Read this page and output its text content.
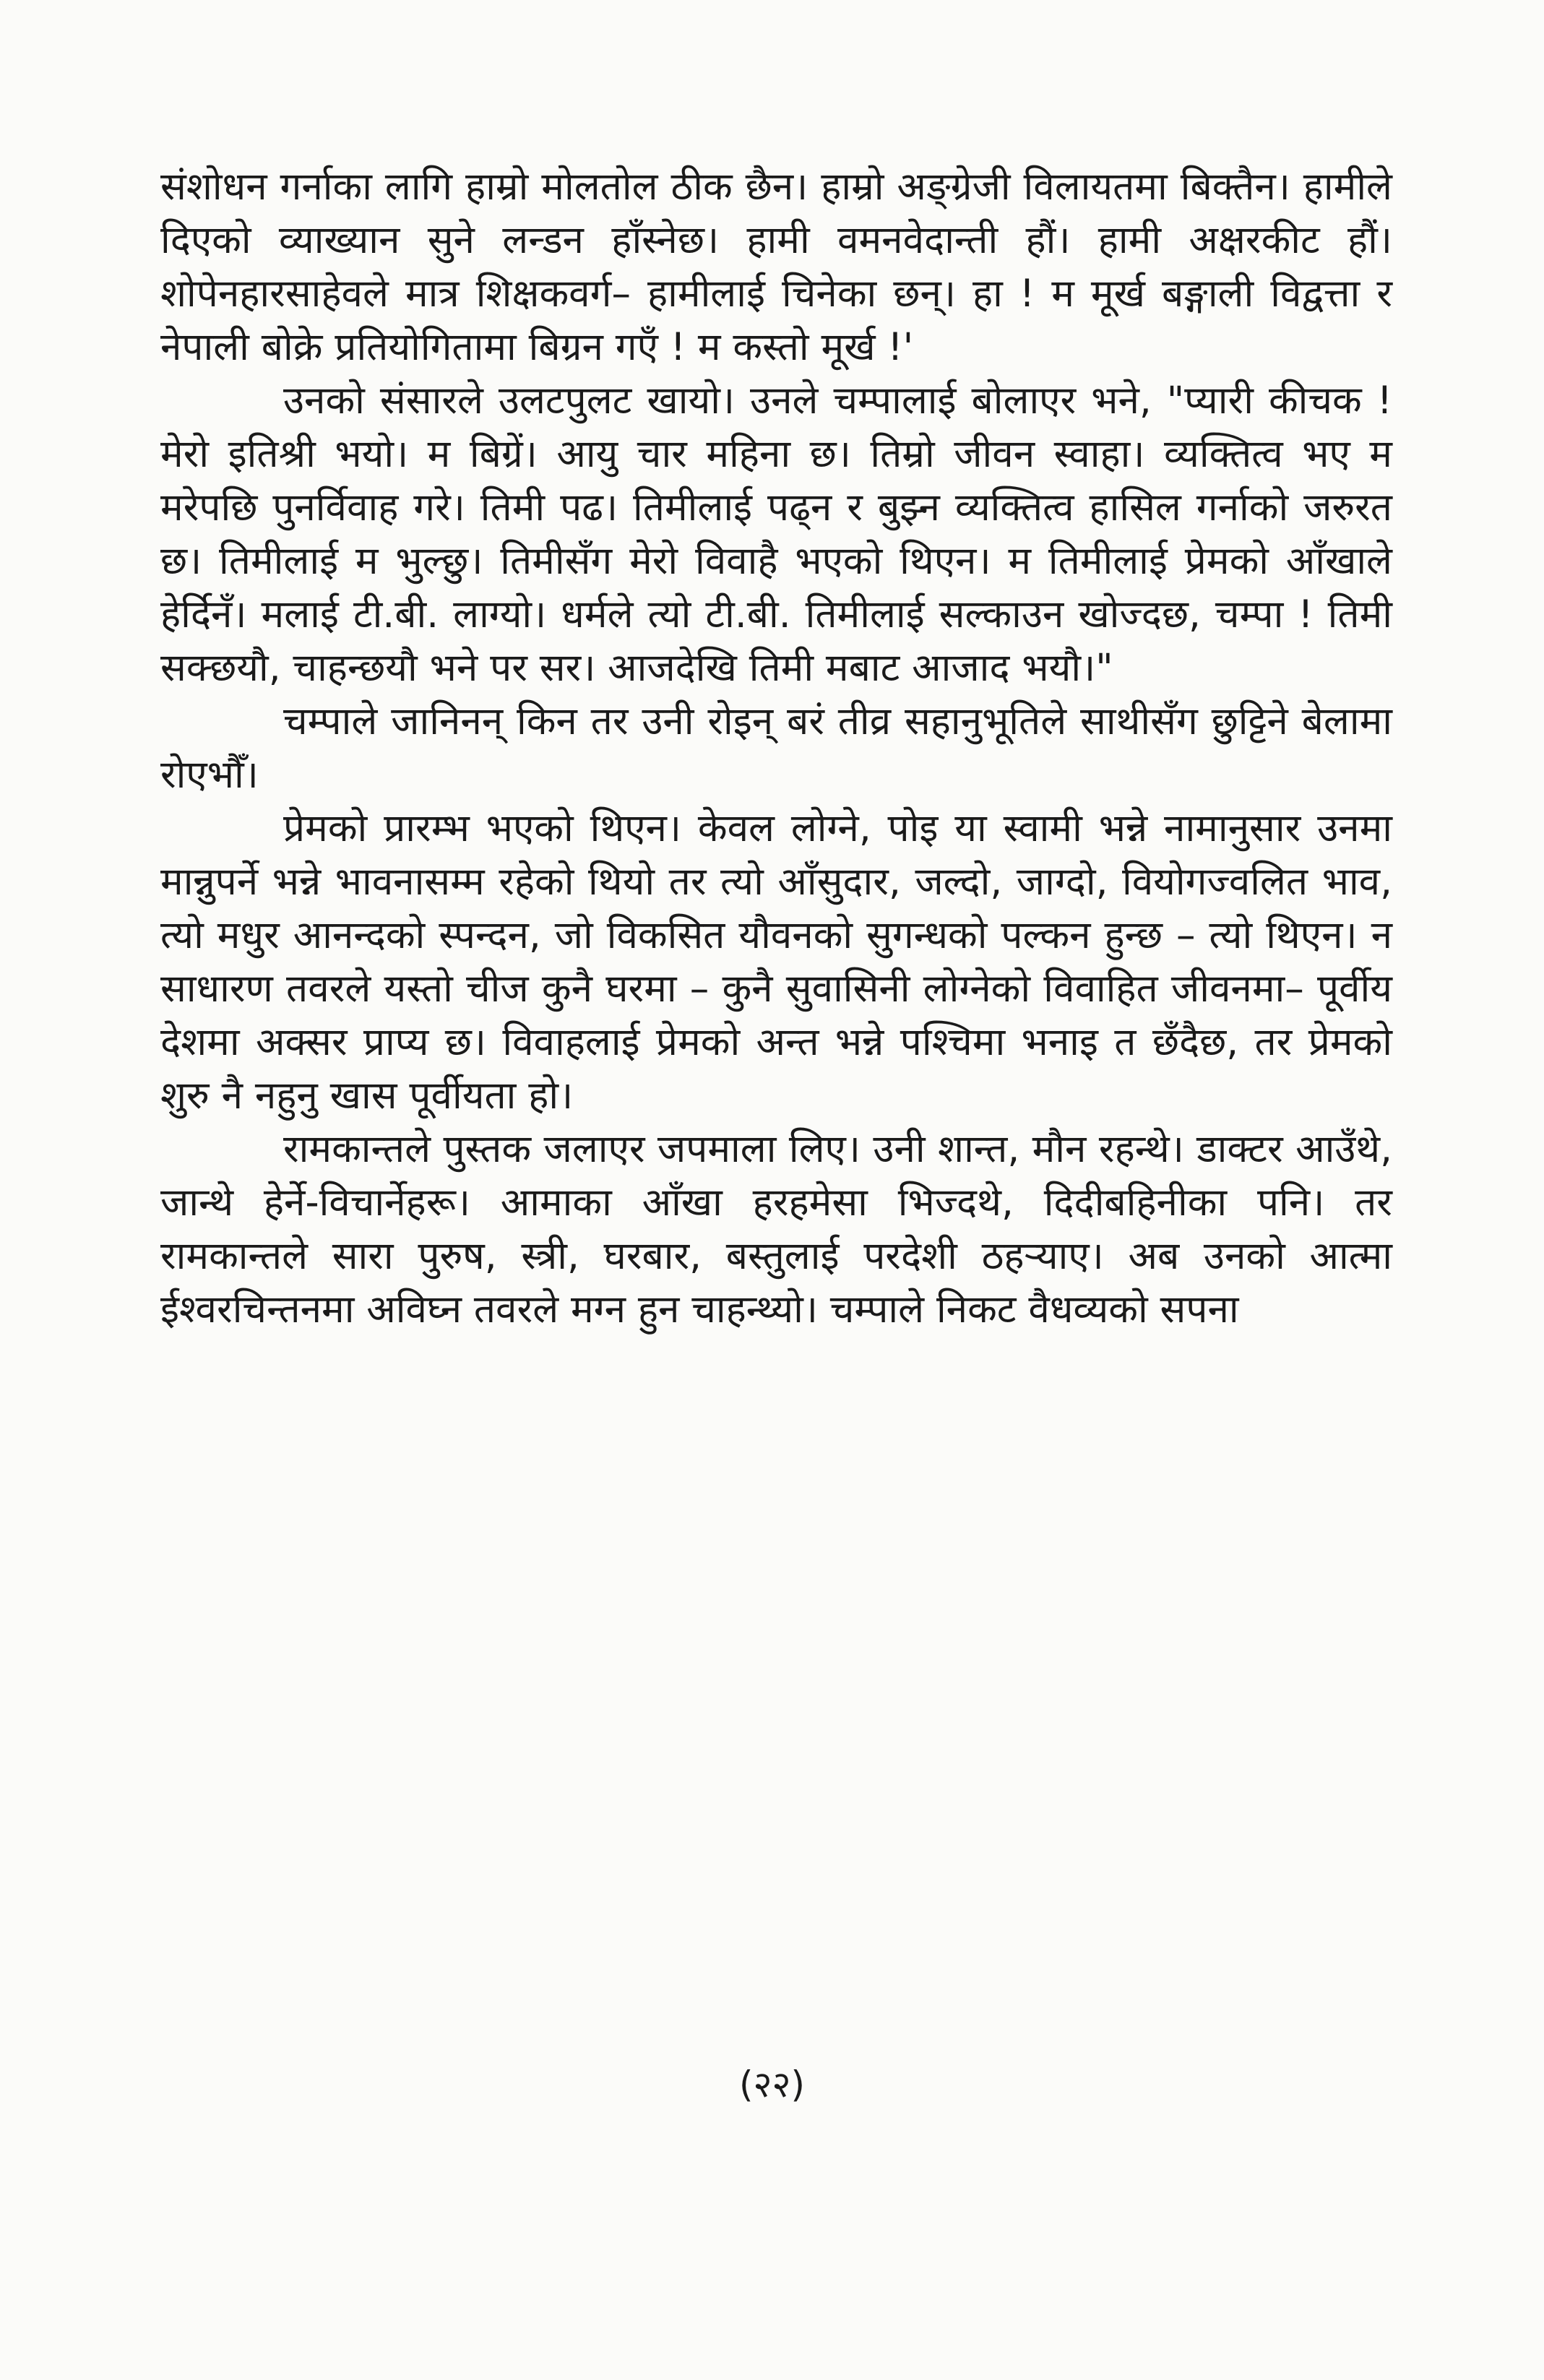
संशोधन गर्नाका लागि हाम्रो मोलतोल ठीक छैन। हाम्रो अङ्ग्रेजी विलायतमा बिक्तैन। हामीले दिएको व्याख्यान सुने लन्डन हाँस्नेछ। हामी वमनवेदान्ती हौं। हामी अक्षरकीट हौं। शोपेनहारसाहेवले मात्र शिक्षकवर्ग– हामीलाई चिनेका छन्। हा ! म मूर्ख बङ्गाली विद्वत्ता र नेपाली बोक्रे प्रतियोगितामा बिग्रन गएँ ! म कस्तो मूर्ख !'

उनको संसारले उलटपुलट खायो। उनले चम्पालाई बोलाएर भने, "प्यारी कीचक ! मेरो इतिश्री भयो। म बिग्रें। आयु चार महिना छ। तिम्रो जीवन स्वाहा। व्यक्तित्व भए म मरेपछि पुनर्विवाह गरे। तिमी पढ। तिमीलाई पढ्न र बुझ्न व्यक्तित्व हासिल गर्नाको जरुरत छ। तिमीलाई म भुल्छु। तिमीसँग मेरो विवाहै भएको थिएन। म तिमीलाई प्रेमको आँखाले हेर्दिनँ। मलाई टी.बी. लाग्यो। धर्मले त्यो टी.बी. तिमीलाई सल्काउन खोज्दछ, चम्पा ! तिमी सक्छयौ, चाहन्छयौ भने पर सर। आजदेखि तिमी मबाट आजाद भयौ।"

चम्पाले जानिनन् किन तर उनी रोइन् बरं तीव्र सहानुभूतिले साथीसँग छुट्टिने बेलामा रोएभौँ।

प्रेमको प्रारम्भ भएको थिएन। केवल लोग्ने, पोइ या स्वामी भन्ने नामानुसार उनमा मान्नुपर्ने भन्ने भावनासम्म रहेको थियो तर त्यो आँसुदार, जल्दो, जाग्दो, वियोगज्वलित भाव, त्यो मधुर आनन्दको स्पन्दन, जो विकसित यौवनको सुगन्धको पल्कन हुन्छ – त्यो थिएन। न साधारण तवरले यस्तो चीज कुनै घरमा – कुनै सुवासिनी लोग्नेको विवाहित जीवनमा– पूर्वीय देशमा अक्सर प्राप्य छ। विवाहलाई प्रेमको अन्त भन्ने पश्चिमा भनाइ त छँदैछ, तर प्रेमको शुरु नै नहुनु खास पूर्वीयता हो।

रामकान्तले पुस्तक जलाएर जपमाला लिए। उनी शान्त, मौन रहन्थे। डाक्टर आउँथे, जान्थे हेर्ने-विचार्नेहरू। आमाका आँखा हरहमेसा भिज्दथे, दिदीबहिनीका पनि। तर रामकान्तले सारा पुरुष, स्त्री, घरबार, बस्तुलाई परदेशी ठहऱ्याए। अब उनको आत्मा ईश्वरचिन्तनमा अविघ्न तवरले मग्न हुन चाहन्थ्यो। चम्पाले निकट वैधव्यको सपना

(२२)
